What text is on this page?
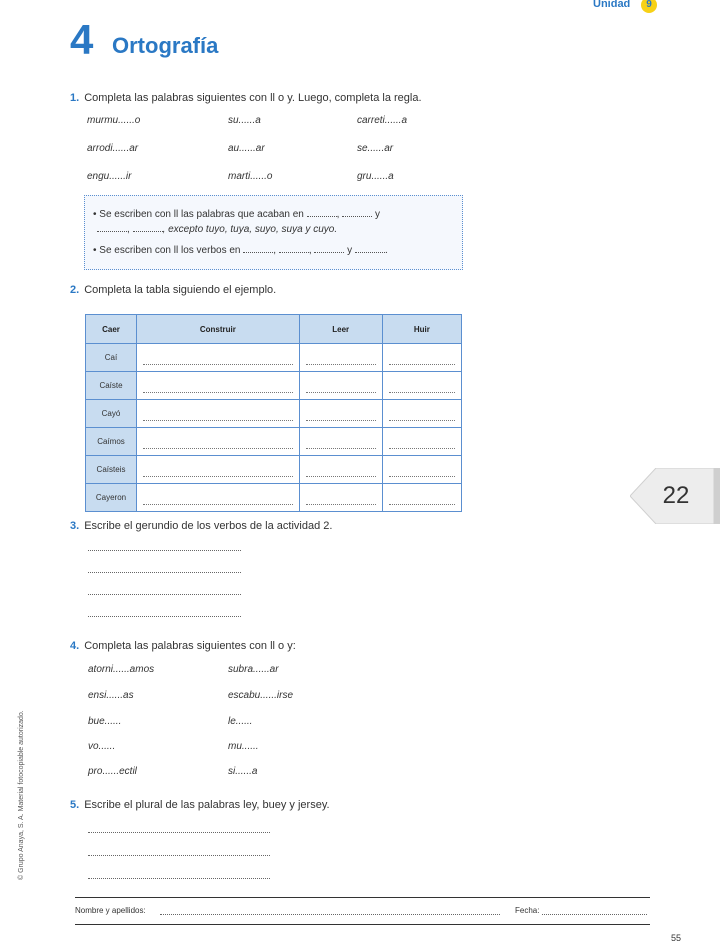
Unidad	9
4 Ortografía
1. Completa las palabras siguientes con ll o y. Luego, completa la regla.
murmu......o	su......a	carreti......a
arrodi......ar	au......ar	se......ar
engu......ir	marti......o	gru......a
• Se escriben con ll las palabras que acaban en	,	y
,	, excepto tuyo, tuya, suyo, suya y cuyo.
• Se escriben con ll los verbos en	,	,	y	.
2. Completa la tabla siguiendo el ejemplo.
Caer	Construir	Leer	Huir
Caí	

Caíste	

Cayó	

Caímos	

Caísteis	

Cayeron	

		22
3. Escribe el gerundio de los verbos de la actividad 2.
4. Completa las palabras siguientes con ll o y:
atorni......amos	subra......ar
ensi......as	escabu......irse
bue......	le......
vo......	mu......
pro......ectil	si......a
5. Escribe el plural de las palabras ley, buey y jersey.
© Grupo Anaya, S. A. Material fotocopiable autorizado.
Nombre y apellidos:	Fecha:
55
